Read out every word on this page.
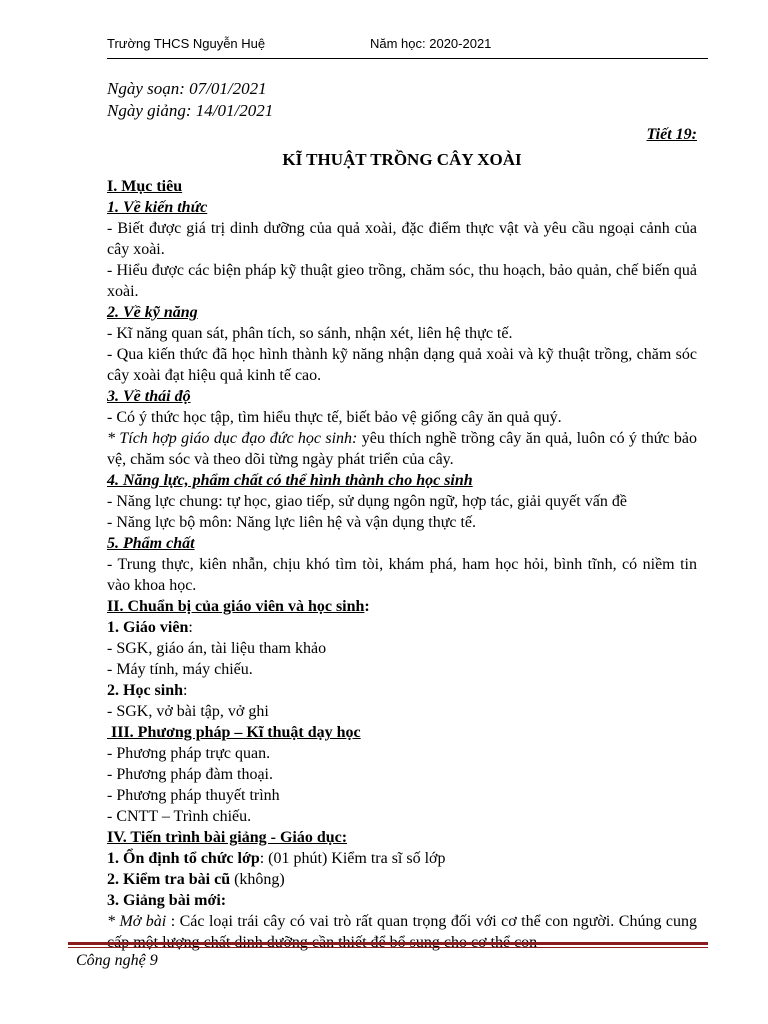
Trường THCS Nguyễn Huệ	Năm học: 2020-2021
Ngày soạn: 07/01/2021
Ngày giảng: 14/01/2021
Tiết 19:
KĨ THUẬT TRỒNG CÂY XOÀI
I. Mục tiêu
1. Về kiến thức
- Biết được giá trị dinh dưỡng của quả xoài, đặc điểm thực vật và yêu cầu ngoại cảnh của cây xoài.
- Hiểu được các biện pháp kỹ thuật gieo trồng, chăm sóc, thu hoạch, bảo quản, chế biến quả xoài.
2. Về kỹ năng
- Kĩ năng quan sát, phân tích, so sánh, nhận xét, liên hệ thực tế.
- Qua kiến thức đã học hình thành kỹ năng nhận dạng quả xoài và kỹ thuật trồng, chăm sóc cây xoài đạt hiệu quả kinh tế cao.
3. Về thái độ
- Có ý thức học tập, tìm hiểu thực tế, biết bảo vệ giống cây ăn quả quý.
* Tích hợp giáo dục đạo đức học sinh: yêu thích nghề trồng cây ăn quả, luôn có ý thức bảo vệ, chăm sóc và theo dõi từng ngày phát triển của cây.
4. Năng lực, phẩm chất có thể hình thành cho học sinh
- Năng lực chung: tự học, giao tiếp, sử dụng ngôn ngữ, hợp tác, giải quyết vấn đề
- Năng lực bộ môn: Năng lực liên hệ và vận dụng thực tế.
5. Phẩm chất
- Trung thực, kiên nhẫn, chịu khó tìm tòi, khám phá, ham học hỏi, bình tĩnh, có niềm tin vào khoa học.
II. Chuẩn bị của giáo viên và học sinh:
1. Giáo viên:
- SGK, giáo án, tài liệu tham khảo
- Máy tính, máy chiếu.
2. Học sinh:
- SGK, vở bài tập, vở ghi
III. Phương pháp – Kĩ thuật dạy học
- Phương pháp trực quan.
- Phương pháp đàm thoại.
- Phương pháp thuyết trình
- CNTT – Trình chiếu.
IV. Tiến trình bài giảng - Giáo dục:
1. Ổn định tổ chức lớp: (01 phút) Kiểm tra sĩ số lớp
2. Kiểm tra bài cũ (không)
3. Giảng bài mới:
* Mở bài : Các loại trái cây có vai trò rất quan trọng đối với cơ thể con người. Chúng cung cấp một lượng chất dinh dưỡng cần thiết để bổ sung cho cơ thể con
Công nghệ 9
